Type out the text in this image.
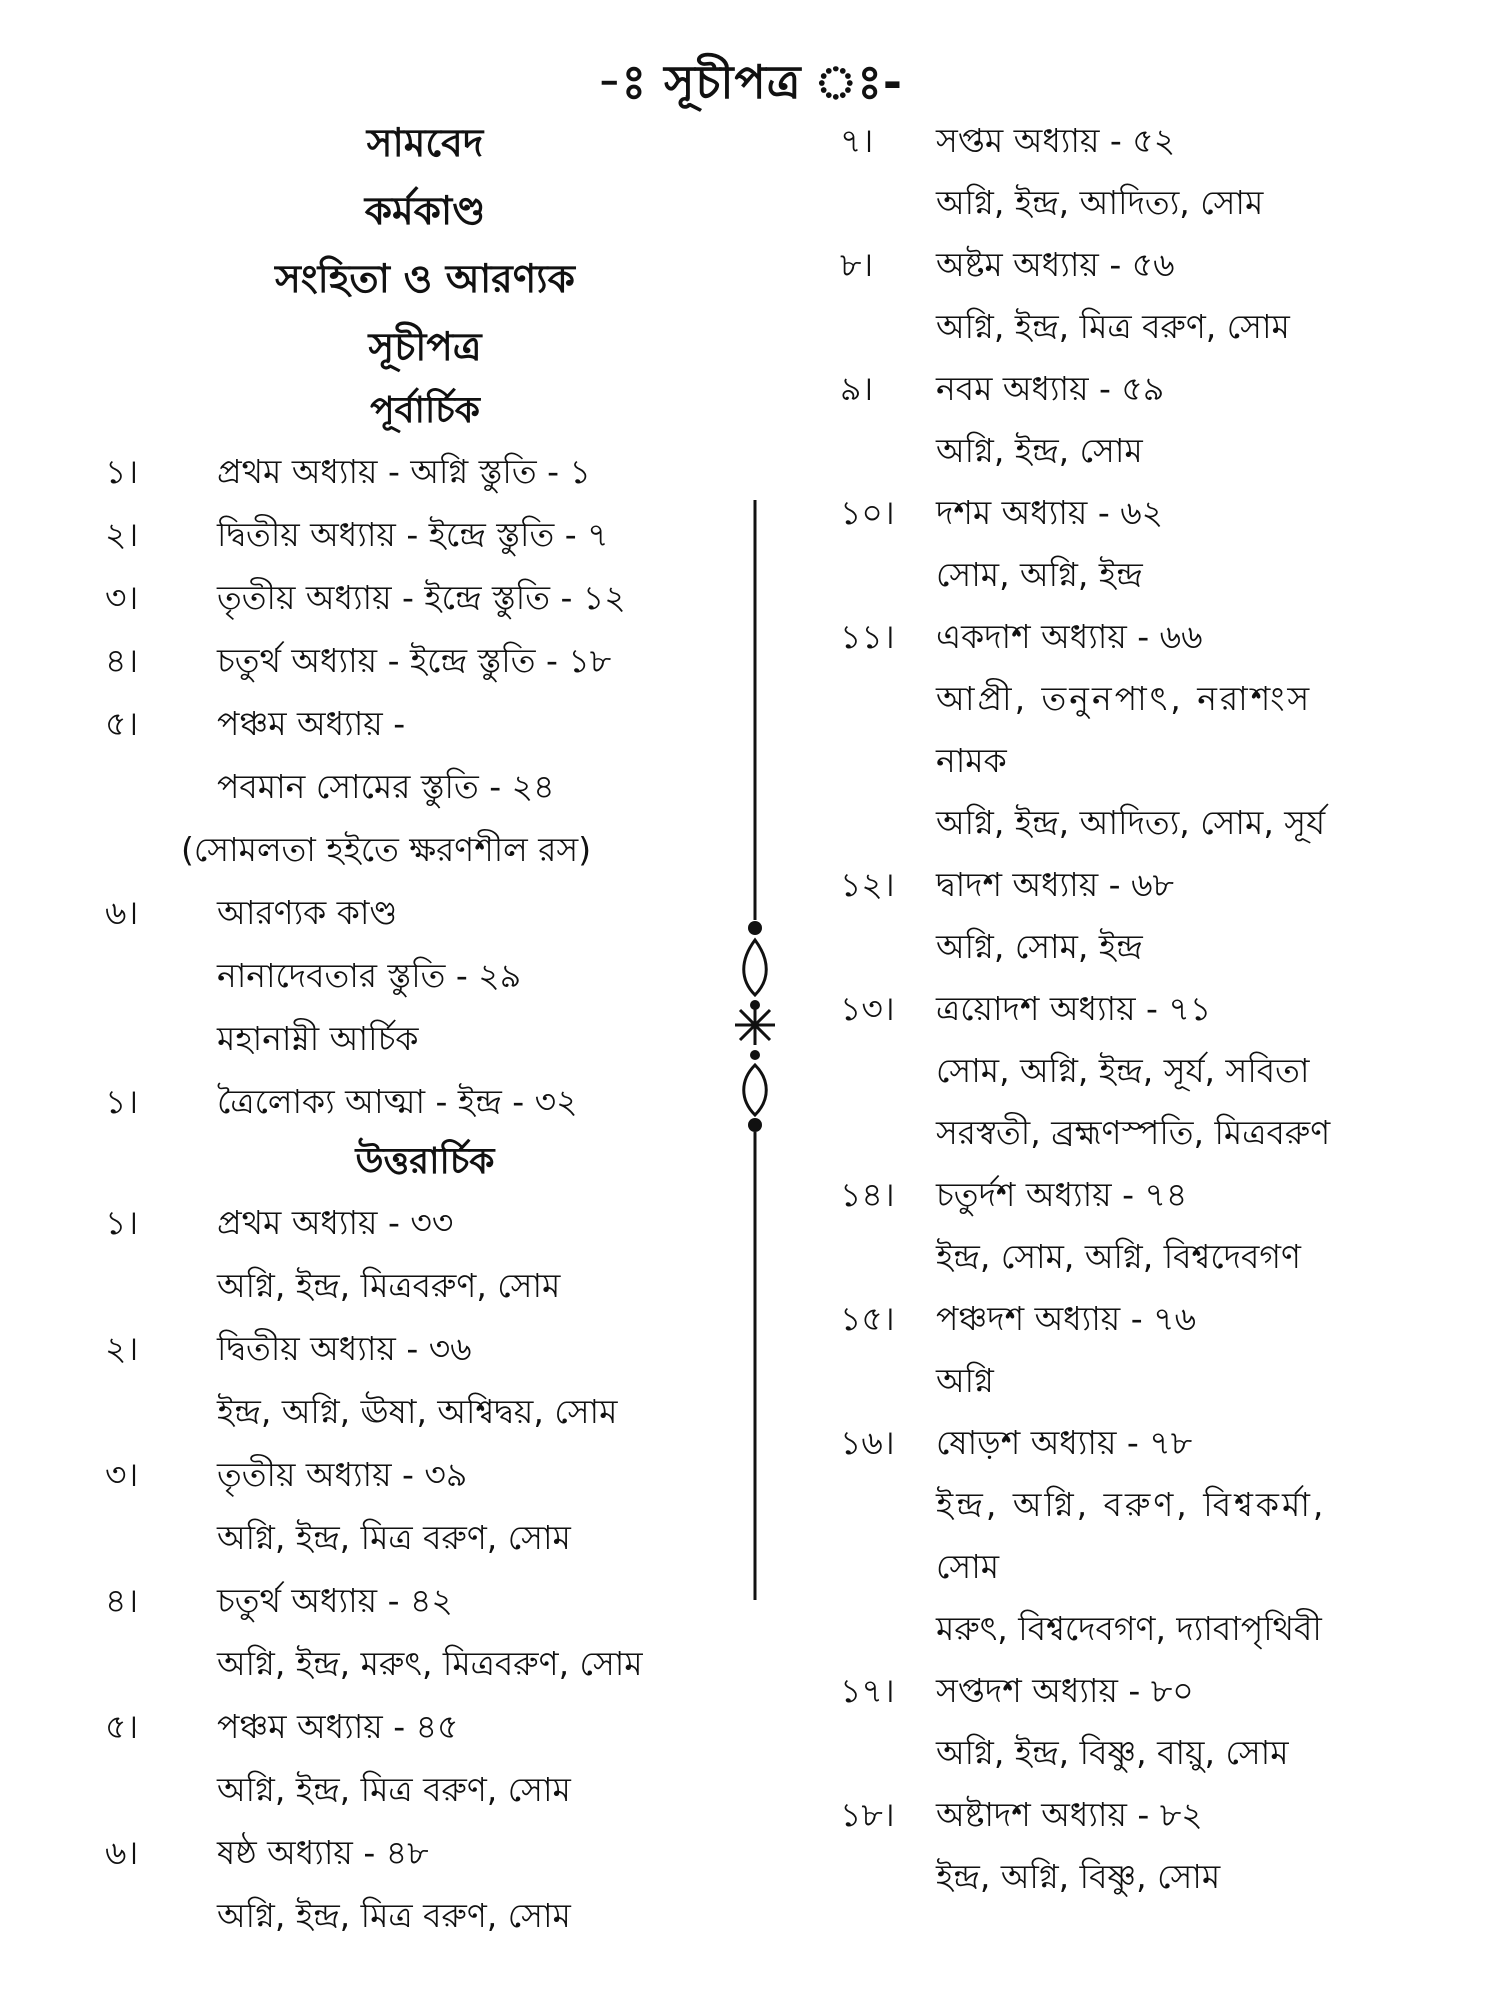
-ঃ সূচীপত্র ঃ-
সামবেদ
কর্মকাণ্ড
সংহিতা ও আরণ্যক
সূচীপত্র
পূর্বার্চিক
১। প্রথম অধ্যায় - অগ্নি স্তুতি - ১
২। দ্বিতীয় অধ্যায় - ইন্দ্রে স্তুতি - ৭
৩। তৃতীয় অধ্যায় - ইন্দ্রে স্তুতি - ১২
৪। চতুর্থ অধ্যায় - ইন্দ্রে স্তুতি - ১৮
৫। পঞ্চম অধ্যায় -
পবমান সোমের স্তুতি - ২৪
(সোমলতা হইতে ক্ষরণশীল রস)
৬। আরণ্যক কাণ্ড
নানাদেবতার স্তুতি - ২৯
মহানাম্নী আর্চিক
১। ত্রৈলোক্য আত্মা - ইন্দ্র - ৩২
উত্তরার্চিক
১। প্রথম অধ্যায় - ৩৩
অগ্নি, ইন্দ্র, মিত্রবরুণ, সোম
২। দ্বিতীয় অধ্যায় - ৩৬
ইন্দ্র, অগ্নি, ঊষা, অশ্বিদ্বয়, সোম
৩। তৃতীয় অধ্যায় - ৩৯
অগ্নি, ইন্দ্র, মিত্র বরুণ, সোম
৪। চতুর্থ অধ্যায় - ৪২
অগ্নি, ইন্দ্র, মরুৎ, মিত্রবরুণ, সোম
৫। পঞ্চম অধ্যায় - ৪৫
অগ্নি, ইন্দ্র, মিত্র বরুণ, সোম
৬। ষষ্ঠ অধ্যায় - ৪৮
অগ্নি, ইন্দ্র, মিত্র বরুণ, সোম
৭। সপ্তম অধ্যায় - ৫২
অগ্নি, ইন্দ্র, আদিত্য, সোম
৮। অষ্টম অধ্যায় - ৫৬
অগ্নি, ইন্দ্র, মিত্র বরুণ, সোম
৯। নবম অধ্যায় - ৫৯
অগ্নি, ইন্দ্র, সোম
১০। দশম অধ্যায় - ৬২
সোম, অগ্নি, ইন্দ্র
১১। একদাশ অধ্যায় - ৬৬
আপ্রী, তনুনপাৎ, নরাশংস
নামক
অগ্নি, ইন্দ্র, আদিত্য, সোম, সূর্য
১২। দ্বাদশ অধ্যায় - ৬৮
অগ্নি, সোম, ইন্দ্র
১৩। ত্রয়োদশ অধ্যায় - ৭১
সোম, অগ্নি, ইন্দ্র, সূর্য, সবিতা
সরস্বতী, ব্রহ্মণস্পতি, মিত্রবরুণ
১৪। চতুর্দশ অধ্যায় - ৭৪
ইন্দ্র, সোম, অগ্নি, বিশ্বদেবগণ
১৫। পঞ্চদশ অধ্যায় - ৭৬
অগ্নি
১৬। ষোড়শ অধ্যায় - ৭৮
ইন্দ্র, অগ্নি, বরুণ, বিশ্বকর্মা,
সোম
মরুৎ, বিশ্বদেবগণ, দ্যাবাপৃথিবী
১৭। সপ্তদশ অধ্যায় - ৮০
অগ্নি, ইন্দ্র, বিষ্ণু, বায়ু, সোম
১৮। অষ্টাদশ অধ্যায় - ৮২
ইন্দ্র, অগ্নি, বিষ্ণু, সোম
